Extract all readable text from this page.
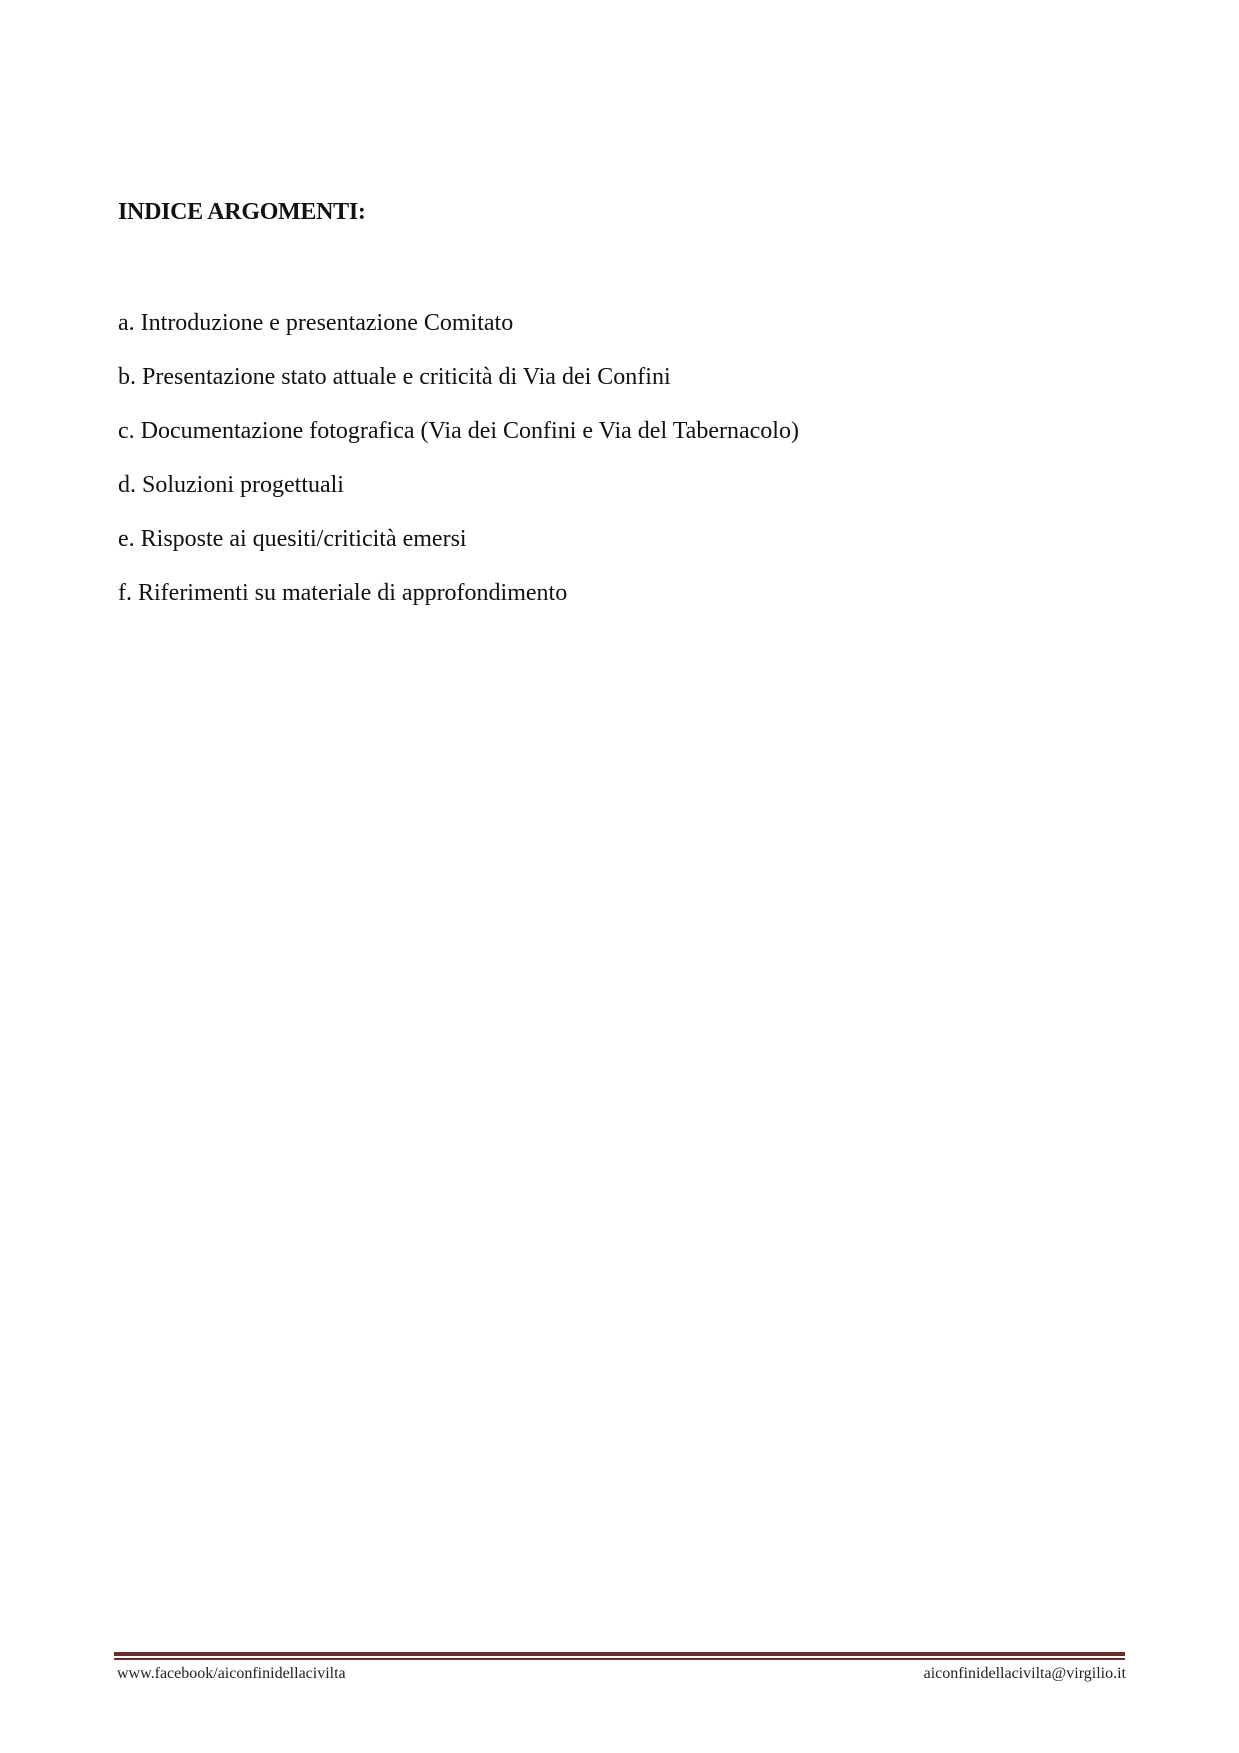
INDICE ARGOMENTI:
a. Introduzione e presentazione Comitato
b. Presentazione stato attuale e criticità di Via dei Confini
c. Documentazione fotografica (Via dei Confini e Via del Tabernacolo)
d. Soluzioni progettuali
e. Risposte ai quesiti/criticità emersi
f. Riferimenti su materiale di approfondimento
www.facebook/aiconfinidellacivilta	aiconfinidellacivilta@virgilio.it
